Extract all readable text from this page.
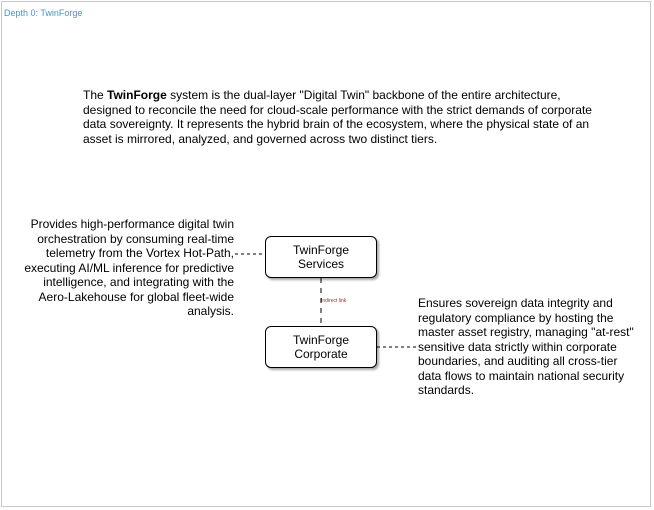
Depth 0: TwinForge
The TwinForge system is the dual-layer "Digital Twin" backbone of the entire architecture, designed to reconcile the need for cloud-scale performance with the strict demands of corporate data sovereignty. It represents the hybrid brain of the ecosystem, where the physical state of an asset is mirrored, analyzed, and governed across two distinct tiers.
Provides high-performance digital twin orchestration by consuming real-time telemetry from the Vortex Hot-Path, executing AI/ML inference for predictive intelligence, and integrating with the Aero-Lakehouse for global fleet-wide analysis.
Ensures sovereign data integrity and regulatory compliance by hosting the master asset registry, managing "at-rest" sensitive data strictly within corporate boundaries, and auditing all cross-tier data flows to maintain national security standards.
Indirect link
TwinForge
Services
TwinForge
Corporate
